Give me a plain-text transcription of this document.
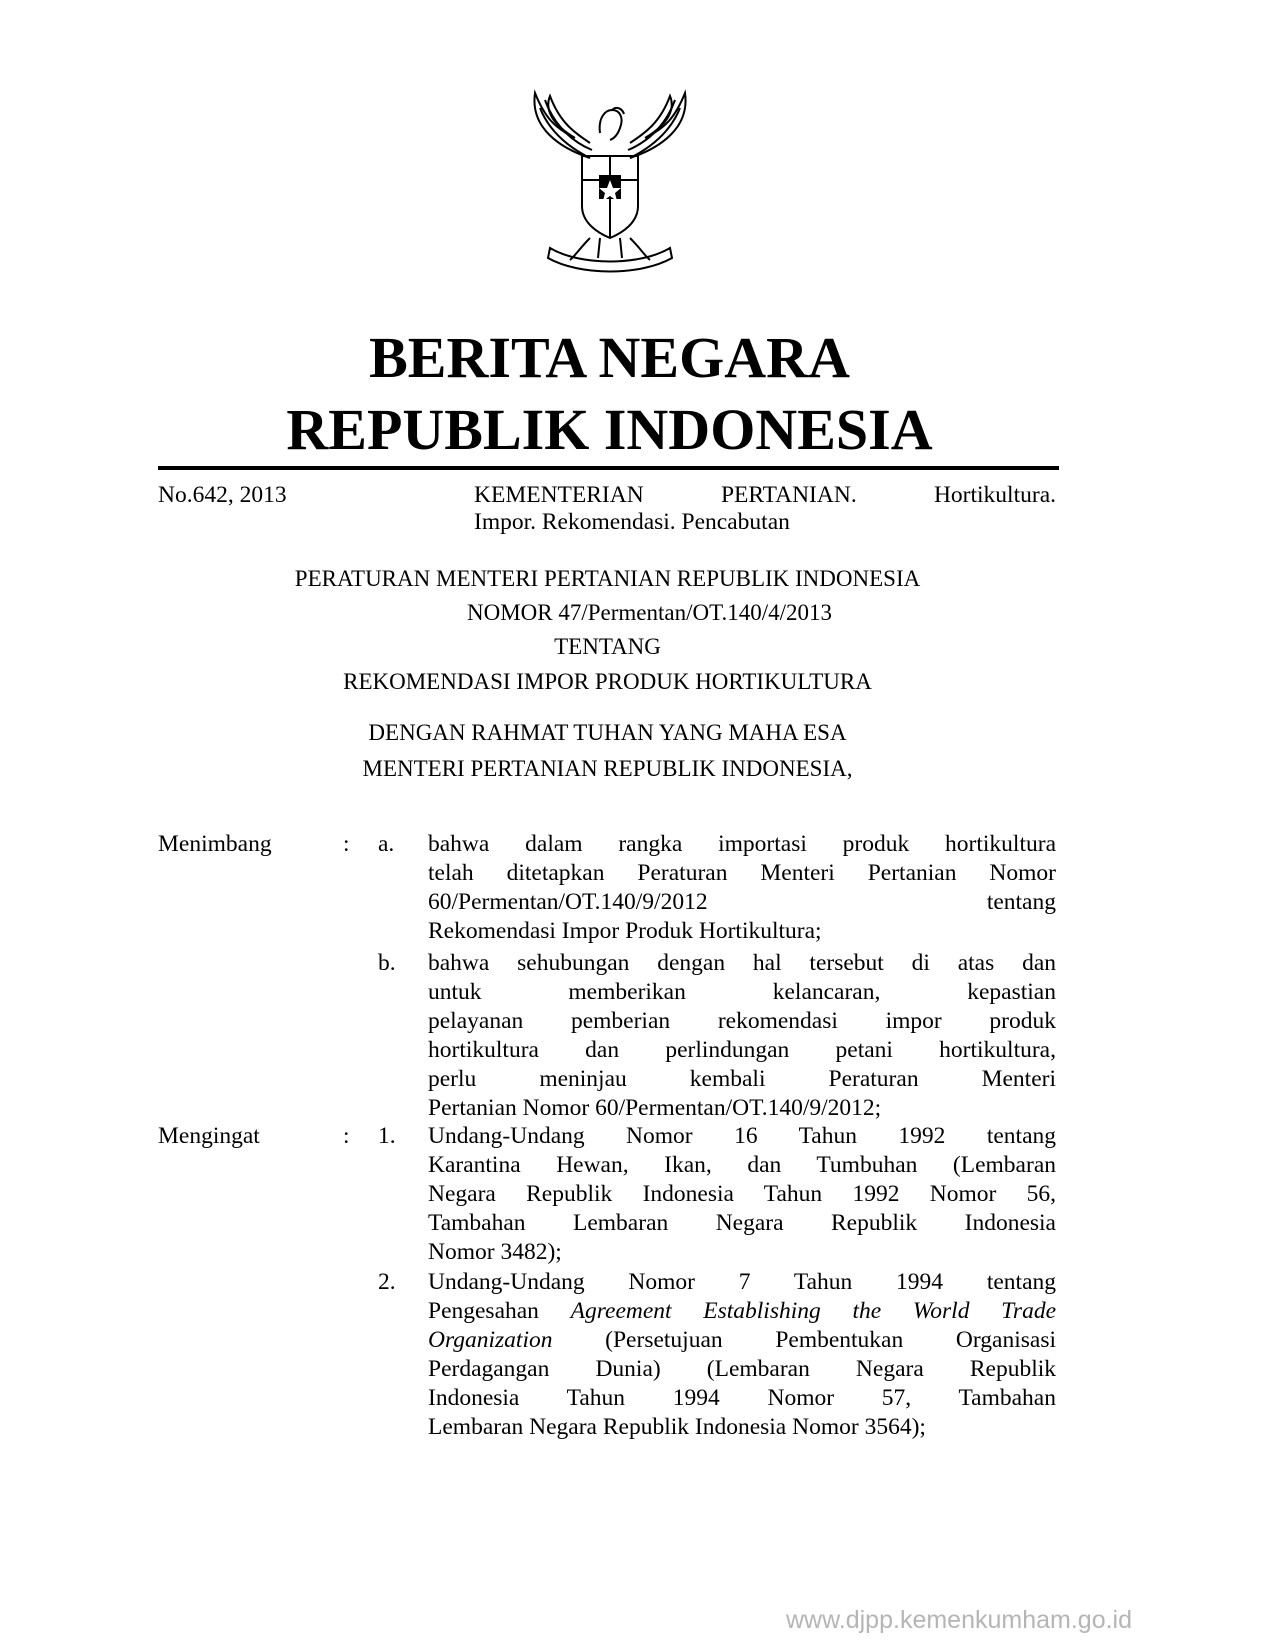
BERITA NEGARA
REPUBLIK INDONESIA
No.642, 2013	KEMENTERIAN	PERTANIAN.	Hortikultura.
Impor. Rekomendasi. Pencabutan
PERATURAN MENTERI PERTANIAN REPUBLIK INDONESIA
NOMOR 47/Permentan/OT.140/4/2013
TENTANG
REKOMENDASI IMPOR PRODUK HORTIKULTURA
DENGAN RAHMAT TUHAN YANG MAHA ESA
MENTERI PERTANIAN REPUBLIK INDONESIA,
Menimbang	: a. bahwa dalam rangka importasi produk hortikultura
telah ditetapkan Peraturan Menteri Pertanian Nomor
60/Permentan/OT.140/9/2012 tentang
Rekomendasi Impor Produk Hortikultura;
b. bahwa sehubungan dengan hal tersebut di atas dan
untuk memberikan kelancaran, kepastian
pelayanan pemberian rekomendasi impor produk
hortikultura dan perlindungan petani hortikultura,
perlu meninjau kembali Peraturan Menteri
Pertanian Nomor 60/Permentan/OT.140/9/2012;
Mengingat	: 1. Undang-Undang Nomor 16 Tahun 1992 tentang
Karantina Hewan, Ikan, dan Tumbuhan (Lembaran
Negara Republik Indonesia Tahun 1992 Nomor 56,
Tambahan Lembaran Negara Republik Indonesia
Nomor 3482);
2. Undang-Undang Nomor 7 Tahun 1994 tentang
Pengesahan Agreement Establishing the World Trade
Organization (Persetujuan Pembentukan Organisasi
Perdagangan Dunia) (Lembaran Negara Republik
Indonesia Tahun 1994 Nomor 57, Tambahan
Lembaran Negara Republik Indonesia Nomor 3564);
www.djpp.kemenkumham.go.id
